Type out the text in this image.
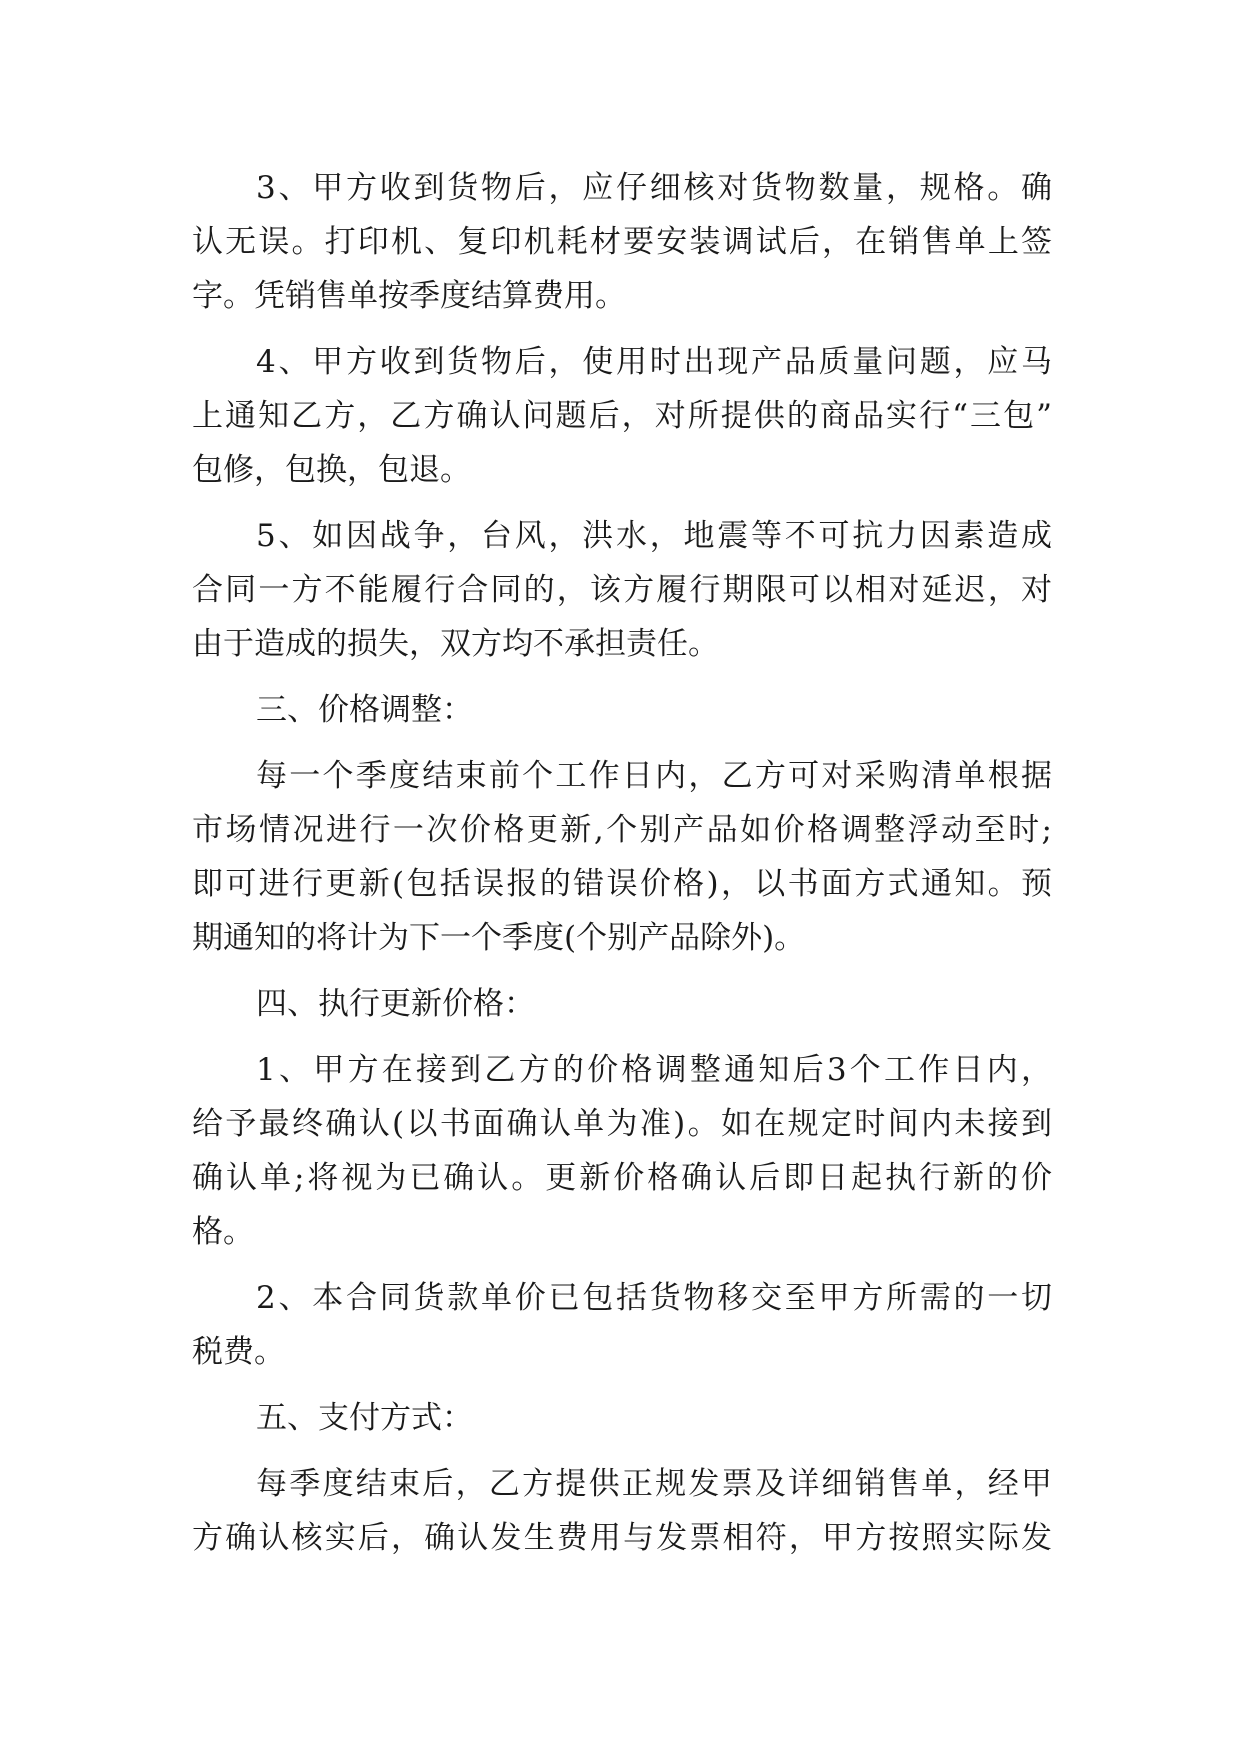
3、甲方收到货物后，应仔细核对货物数量，规格。确
认无误。打印机、复印机耗材要安装调试后，在销售单上签
字。凭销售单按季度结算费用。
4、甲方收到货物后，使用时出现产品质量问题，应马
上通知乙方，乙方确认问题后，对所提供的商品实行“三包”
包修，包换，包退。
5、如因战争，台风，洪水，地震等不可抗力因素造成
合同一方不能履行合同的，该方履行期限可以相对延迟，对
由于造成的损失，双方均不承担责任。
三、价格调整：
每一个季度结束前个工作日内，乙方可对采购清单根据
市场情况进行一次价格更新,个别产品如价格调整浮动至时;
即可进行更新(包括误报的错误价格)，以书面方式通知。预
期通知的将计为下一个季度(个别产品除外)。
四、执行更新价格：
1、甲方在接到乙方的价格调整通知后3个工作日内，
给予最终确认(以书面确认单为准)。如在规定时间内未接到
确认单;将视为已确认。更新价格确认后即日起执行新的价
格。
2、本合同货款单价已包括货物移交至甲方所需的一切
税费。
五、支付方式：
每季度结束后，乙方提供正规发票及详细销售单，经甲
方确认核实后，确认发生费用与发票相符，甲方按照实际发
